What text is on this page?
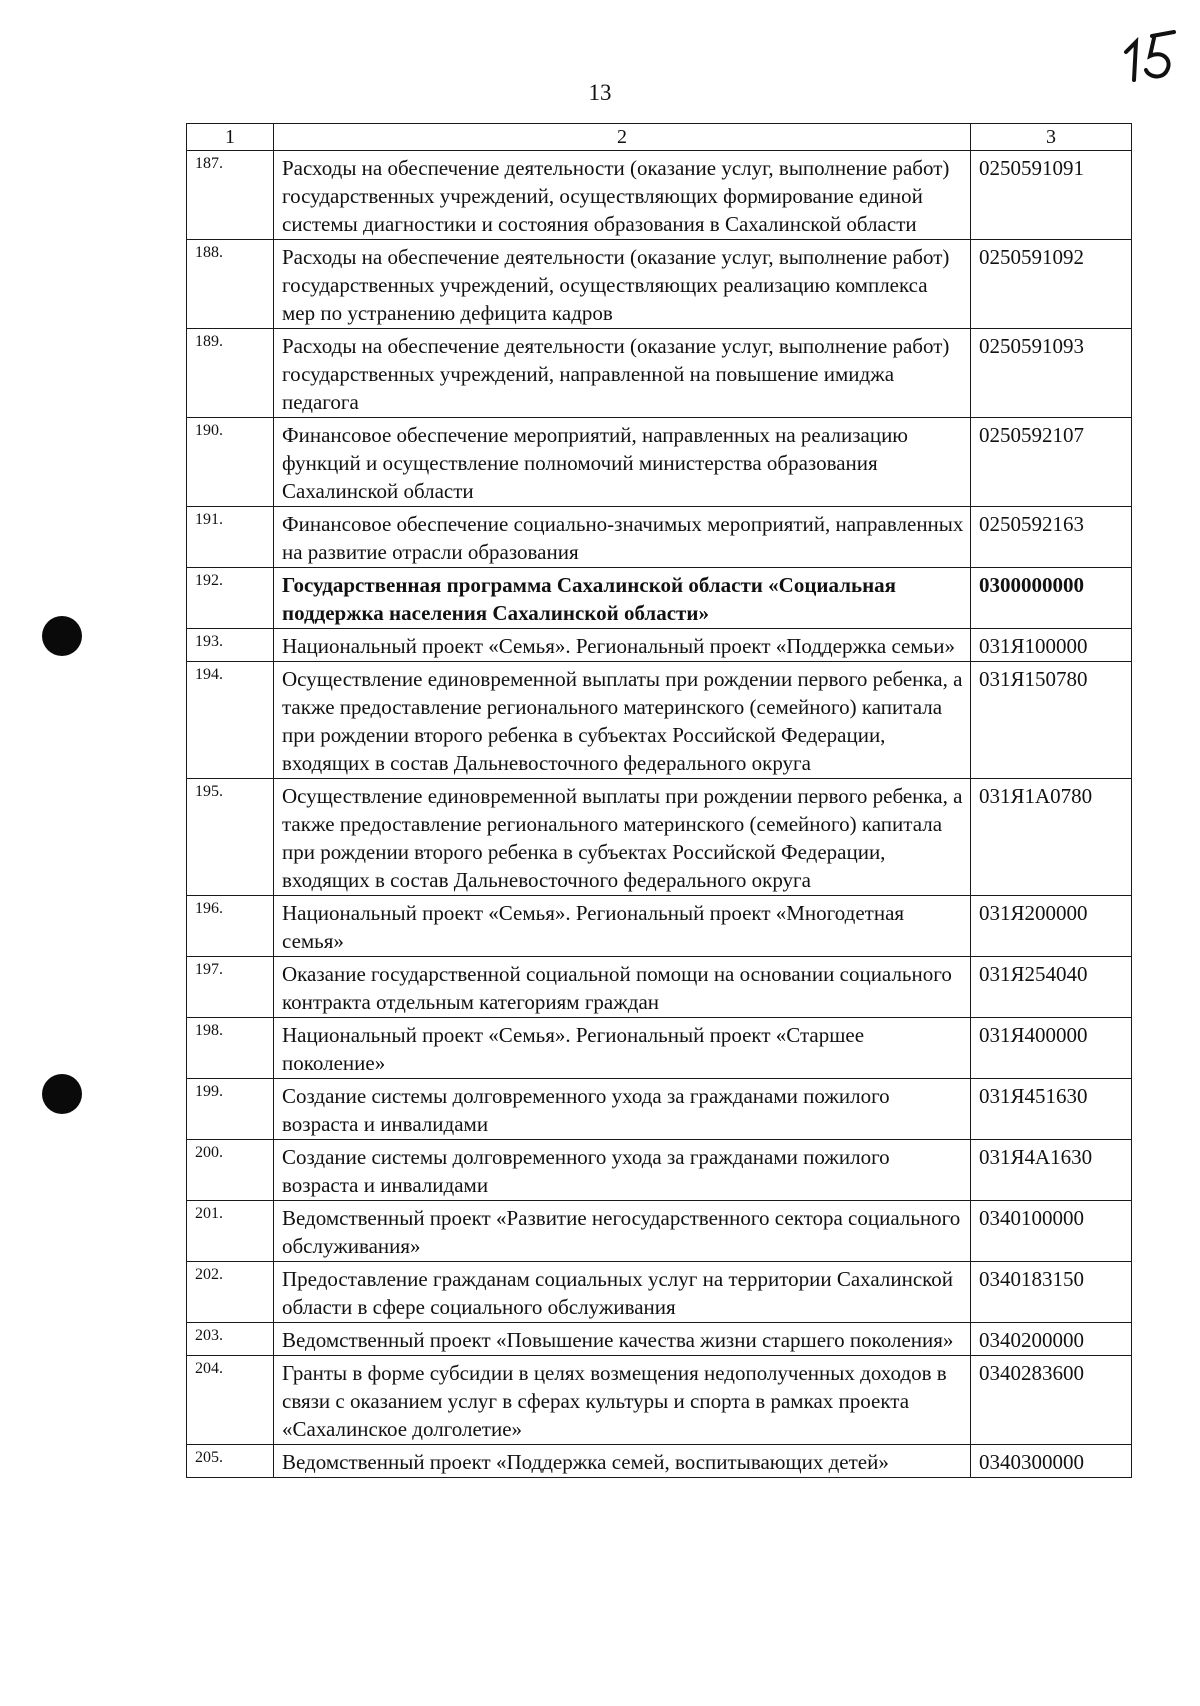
13
1	2	3
187.	Расходы на обеспечение деятельности (оказание услуг, выполнение работ) государственных учреждений, осуществляющих формирование единой системы диагностики и состояния образования в Сахалинской области	0250591091
188.	Расходы на обеспечение деятельности (оказание услуг, выполнение работ) государственных учреждений, осуществляющих реализацию комплекса мер по устранению дефицита кадров	0250591092
189.	Расходы на обеспечение деятельности (оказание услуг, выполнение работ) государственных учреждений, направленной на повышение имиджа педагога	0250591093
190.	Финансовое обеспечение мероприятий, направленных на реализацию функций и осуществление полномочий министерства образования Сахалинской области	0250592107
191.	Финансовое обеспечение социально-значимых мероприятий, направленных на развитие отрасли образования	0250592163
192.	Государственная программа Сахалинской области «Социальная поддержка населения Сахалинской области»	0300000000
193.	Национальный проект «Семья». Региональный проект «Поддержка семьи»	031Я100000
194.	Осуществление единовременной выплаты при рождении первого ребенка, а также предоставление регионального материнского (семейного) капитала при рождении второго ребенка в субъектах Российской Федерации, входящих в состав Дальневосточного федерального округа	031Я150780
195.	Осуществление единовременной выплаты при рождении первого ребенка, а также предоставление регионального материнского (семейного) капитала при рождении второго ребенка в субъектах Российской Федерации, входящих в состав Дальневосточного федерального округа	031Я1А0780
196.	Национальный проект «Семья». Региональный проект «Многодетная семья»	031Я200000
197.	Оказание государственной социальной помощи на основании социального контракта отдельным категориям граждан	031Я254040
198.	Национальный проект «Семья». Региональный проект «Старшее поколение»	031Я400000
199.	Создание системы долговременного ухода за гражданами пожилого возраста и инвалидами	031Я451630
200.	Создание системы долговременного ухода за гражданами пожилого возраста и инвалидами	031Я4А1630
201.	Ведомственный проект «Развитие негосударственного сектора социального обслуживания»	0340100000
202.	Предоставление гражданам социальных услуг на территории Сахалинской области в сфере социального обслуживания	0340183150
203.	Ведомственный проект «Повышение качества жизни старшего поколения»	0340200000
204.	Гранты в форме субсидии в целях возмещения недополученных доходов в связи с оказанием услуг в сферах культуры и спорта в рамках проекта «Сахалинское долголетие»	0340283600
205.	Ведомственный проект «Поддержка семей, воспитывающих детей»	0340300000
